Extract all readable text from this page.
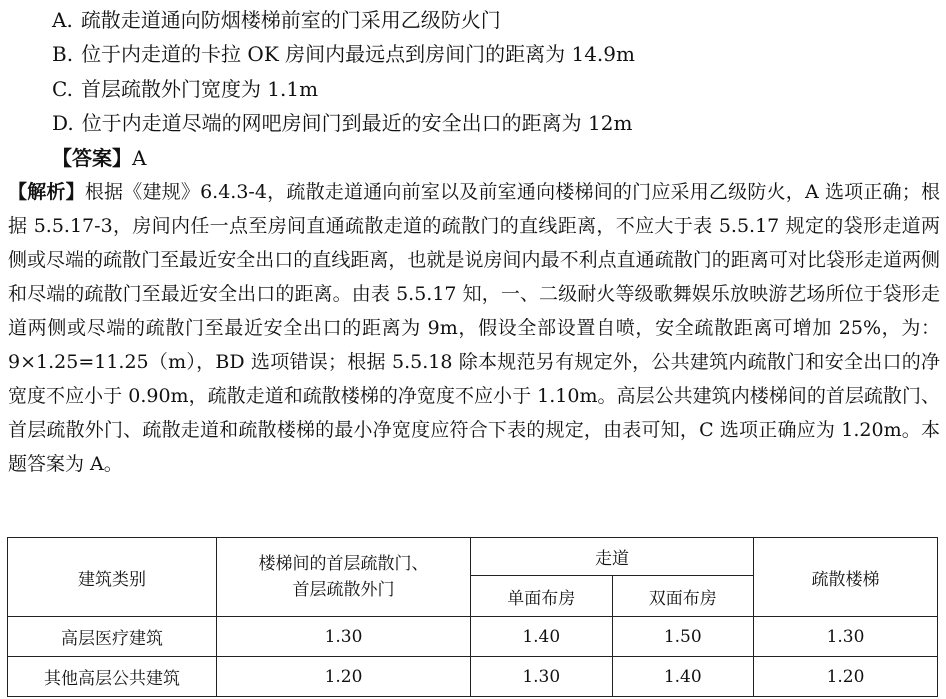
A. 疏散走道通向防烟楼梯前室的门采用乙级防火门
B. 位于内走道的卡拉 OK 房间内最远点到房间门的距离为 14.9m
C. 首层疏散外门宽度为 1.1m
D. 位于内走道尽端的网吧房间门到最近的安全出口的距离为 12m
【答案】A

【解析】根据《建规》6.4.3-4，疏散走道通向前室以及前室通向楼梯间的门应采用乙级防火，A 选项正确；根据 5.5.17-3，房间内任一点至房间直通疏散走道的疏散门的直线距离，不应大于表 5.5.17 规定的袋形走道两侧或尽端的疏散门至最近安全出口的直线距离，也就是说房间内最不利点直通疏散门的距离可对比袋形走道两侧和尽端的疏散门至最近安全出口的距离。由表 5.5.17 知，一、二级耐火等级歌舞娱乐放映游艺场所位于袋形走道两侧或尽端的疏散门至最近安全出口的距离为 9m，假设全部设置自喷，安全疏散距离可增加 25%，为：9×1.25=11.25（m），BD 选项错误；根据 5.5.18 除本规范另有规定外，公共建筑内疏散门和安全出口的净宽度不应小于 0.90m，疏散走道和疏散楼梯的净宽度不应小于 1.10m。高层公共建筑内楼梯间的首层疏散门、首层疏散外门、疏散走道和疏散楼梯的最小净宽度应符合下表的规定，由表可知，C 选项正确应为 1.20m。本题答案为 A。

建筑类别	楼梯间的首层疏散门、
首层疏散外门	走道		疏散楼梯
		单面布房	双面布房	
高层医疗建筑	1.30	1.40	1.50	1.30
其他高层公共建筑	1.20	1.30	1.40	1.20
